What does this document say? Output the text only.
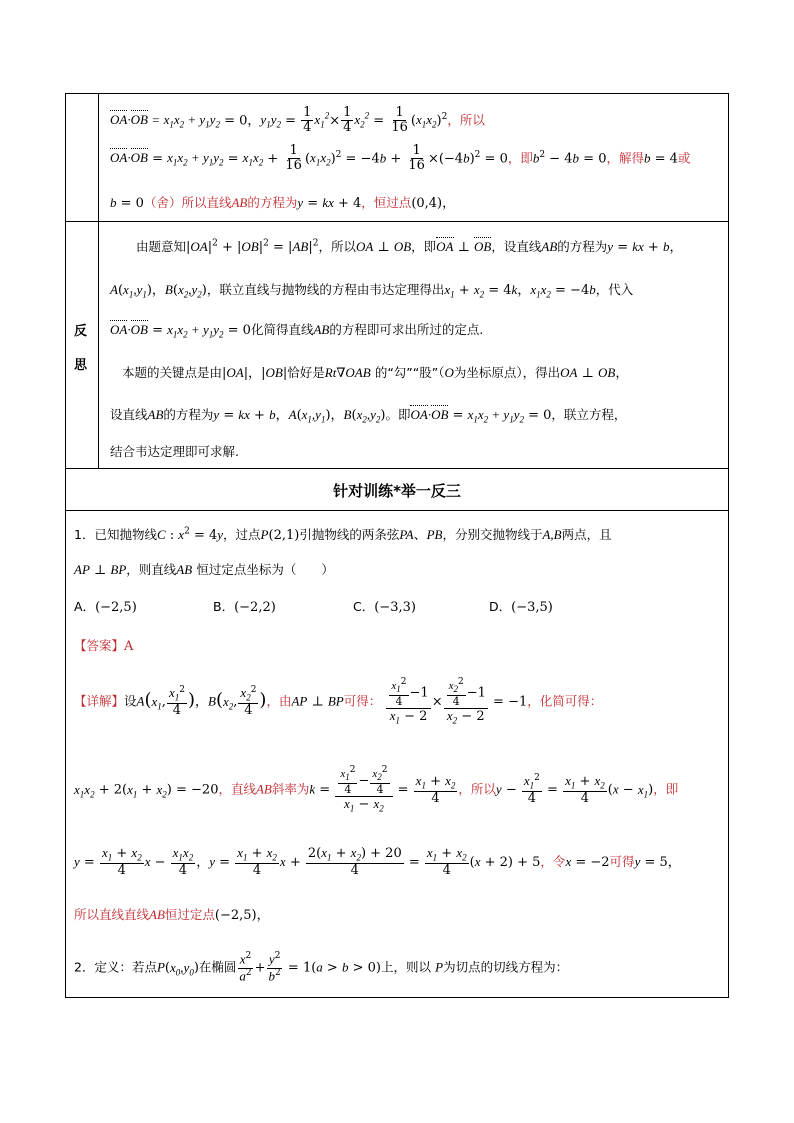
$OA\cdot OB = x_1x_2 + y_1y_2 = 0$，$y_1y_2 = \frac{1}{4} x_1^2\times \frac{1}{4} x_2^2 = \frac{1}{16} (x_1x_2)^2$，所以
$OA\cdot OB = x_1x_2 + y_1y_2 = x_1x_2 + \frac{1}{16} (x_1x_2)^2 = -4b + \frac{1}{16} \times(-4b)^2 = 0$，即$b^2 - 4b = 0$，解得b = 4或
b = 0（舍）所以直线AB的方程为y = kx + 4，恒过点(0,4)，
反
思
由题意知$|OA|^2 + |OB|^2 = |AB|^2$，所以OA ⊥ OB，即OA ⊥ OB，设直线AB的方程为y = kx + b，
$A(x_1,y_1)$，$B(x_2,y_2)$，联立直线与抛物线的方程由韦达定理得出$x_1 + x_2 = 4k$，$x_1x_2 = -4b$，代入
$OA\cdot OB = x_1x_2 + y_1y_2 = 0$化简得直线AB的方程即可求出所过的定点.
本题的关键点是由|OA|，|OB|恰好是Rt∇OAB 的“勾”“股”（O为坐标原点），得出OA ⊥ OB，
设直线AB的方程为y = kx + b，$A(x_1,y_1)$，$B(x_2,y_2)$。即$OA\cdot OB = x_1x_2 + y_1y_2 = 0$，联立方程，
结合韦达定理即可求解.
针对训练*举一反三
1．已知抛物线C : $x^2 = 4y$，过点P(2,1)引抛物线的两条弦PA、PB，分别交抛物线于A,B两点，且
AP ⊥ BP，则直线AB 恒过定点坐标为（　　）
A．(−2,5)	B．(−2,2)	C．(−3,3)	D．(−3,5)
【答案】A
【详解】设$A(x_1$, $\frac{x_1^2}{4}$ )，$B(x_2$, $\frac{x_2^2}{4}$ )，由AP ⊥ BP可得： $\frac{\frac{x_1^2}{4} -1}{x_1 - 2} \times \frac{\frac{x_2^2}{4} -1}{x_2 - 2} = -1$，化简可得：
$x_1x_2 + 2(x_1 + x_2) = -20$，直线AB斜率为$k = \frac{\frac{x_1^2}{4} - \frac{x_2^2}{4}}{x_1 - x_2} = \frac{x_1 + x_2}{4}$ ，所以$y - \frac{x_1^2}{4} = \frac{x_1 + x_2}{4} (x - x_1)$，即
$y = \frac{x_1 + x_2}{4}$ $x - \frac{x_1x_2}{4}$ ，$y = \frac{x_1 + x_2}{4}$ $x + \frac{2(x_1 + x_2) + 20}{4} = \frac{x_1 + x_2}{4} (x + 2) + 5$，令x = −2可得y = 5，
所以直线直线AB恒过定点(−2,5)，
2．定义：若点$P(x_0,y_0)$在椭圆 $\frac{x^2}{a^2} + \frac{y^2}{b^2} = 1(a > b > 0)$上，则以 P为切点的切线方程为：
